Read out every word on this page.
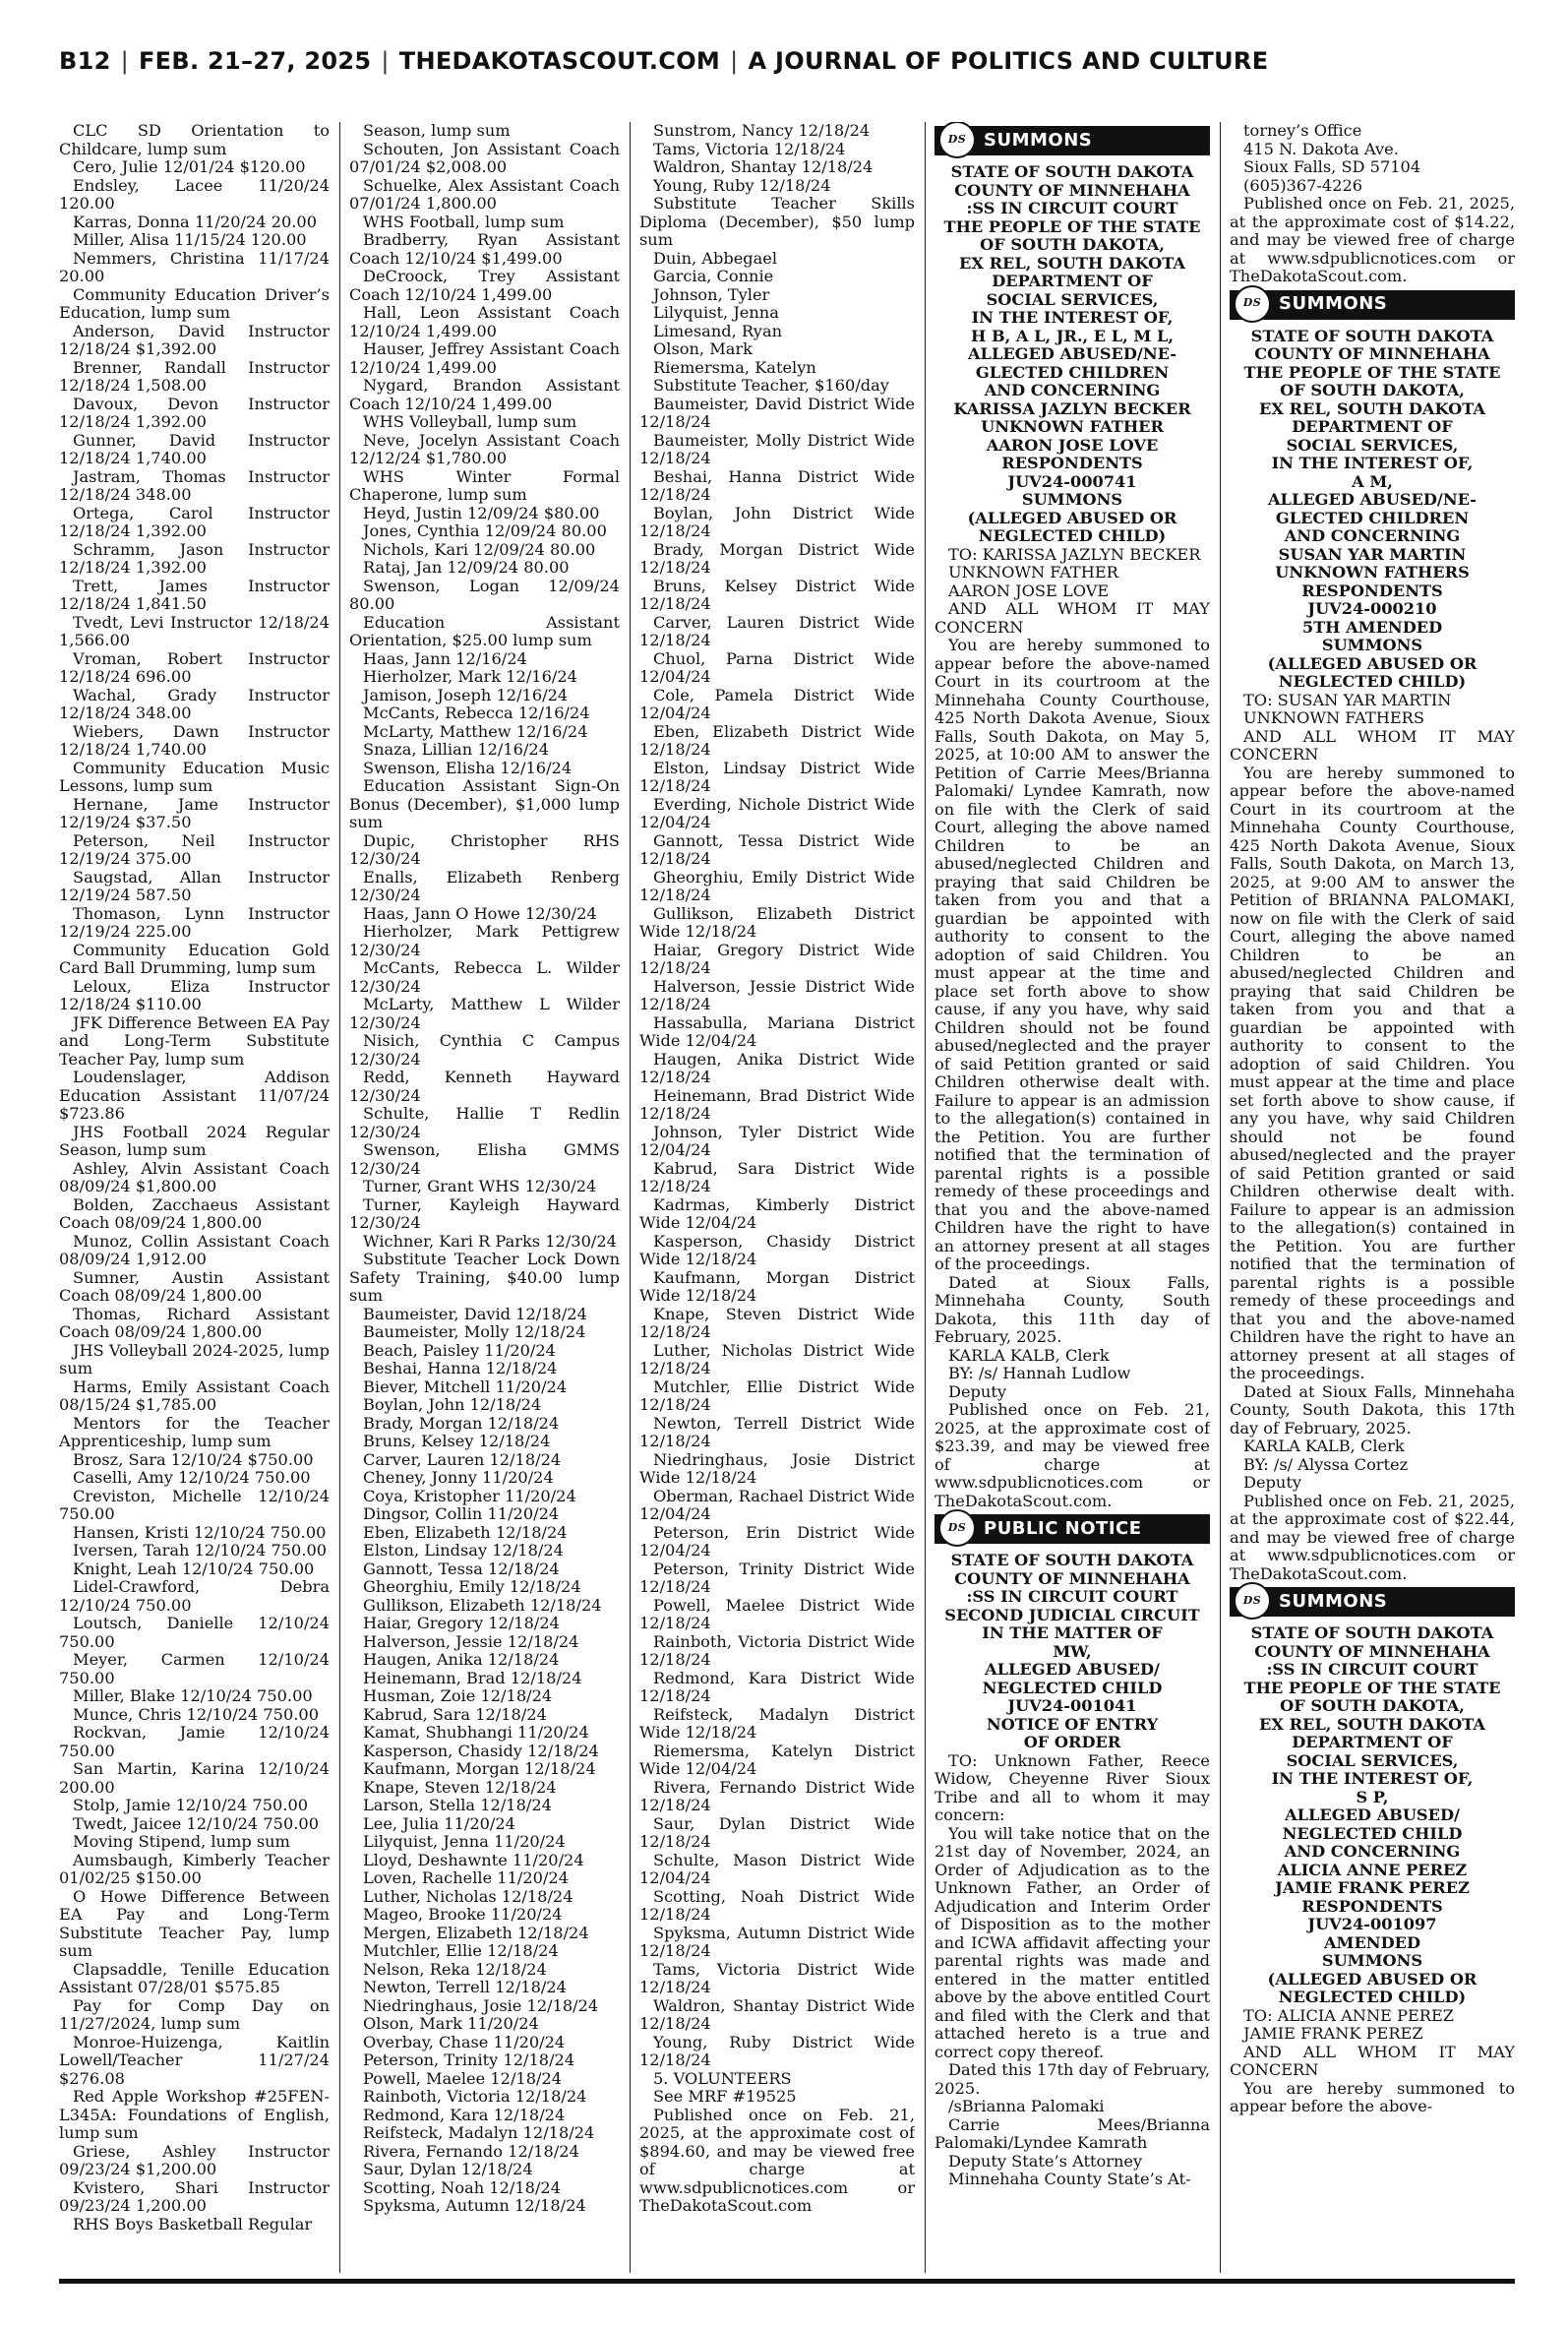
B12 | FEB. 21–27, 2025 | THEDAKOTASCOUT.COM | A JOURNAL OF POLITICS AND CULTURE

CLC SD Orientation to Childcare, lump sum

Cero, Julie 12/01/24 $120.00

Endsley, Lacee 11/20/24 120.00

Karras, Donna 11/20/24 20.00

Miller, Alisa 11/15/24 120.00

Nemmers, Christina 11/17/24 20.00

Community Education Driver’s Education, lump sum

Anderson, David Instructor 12/18/24 $1,392.00

Brenner, Randall Instructor 12/18/24 1,508.00

Davoux, Devon Instructor 12/18/24 1,392.00

Gunner, David Instructor 12/18/24 1,740.00

Jastram, Thomas Instructor 12/18/24 348.00

Ortega, Carol Instructor 12/18/24 1,392.00

Schramm, Jason Instructor 12/18/24 1,392.00

Trett, James Instructor 12/18/24 1,841.50

Tvedt, Levi Instructor 12/18/24 1,566.00

Vroman, Robert Instructor 12/18/24 696.00

Wachal, Grady Instructor 12/18/24 348.00

Wiebers, Dawn Instructor 12/18/24 1,740.00

Community Education Music Lessons, lump sum

Hernane, Jame Instructor 12/19/24 $37.50

Peterson, Neil Instructor 12/19/24 375.00

Saugstad, Allan Instructor 12/19/24 587.50

Thomason, Lynn Instructor 12/19/24 225.00

Community Education Gold Card Ball Drumming, lump sum

Leloux, Eliza Instructor 12/18/24 $110.00

JFK Difference Between EA Pay and Long-Term Substitute Teacher Pay, lump sum

Loudenslager, Addison Education Assistant 11/07/24 $723.86

JHS Football 2024 Regular Season, lump sum

Ashley, Alvin Assistant Coach 08/09/24 $1,800.00

Bolden, Zacchaeus Assistant Coach 08/09/24 1,800.00

Munoz, Collin Assistant Coach 08/09/24 1,912.00

Sumner, Austin Assistant Coach 08/09/24 1,800.00

Thomas, Richard Assistant Coach 08/09/24 1,800.00

JHS Volleyball 2024-2025, lump sum

Harms, Emily Assistant Coach 08/15/24 $1,785.00

Mentors for the Teacher Apprenticeship, lump sum

Brosz, Sara 12/10/24 $750.00

Caselli, Amy 12/10/24 750.00

Creviston, Michelle 12/10/24 750.00

Hansen, Kristi 12/10/24 750.00

Iversen, Tarah 12/10/24 750.00

Knight, Leah 12/10/24 750.00

Lidel-Crawford, Debra 12/10/24 750.00

Loutsch, Danielle 12/10/24 750.00

Meyer, Carmen 12/10/24 750.00

Miller, Blake 12/10/24 750.00

Munce, Chris 12/10/24 750.00

Rockvan, Jamie 12/10/24 750.00

San Martin, Karina 12/10/24 200.00

Stolp, Jamie 12/10/24 750.00

Twedt, Jaicee 12/10/24 750.00

Moving Stipend, lump sum

Aumsbaugh, Kimberly Teacher 01/02/25 $150.00

O Howe Difference Between EA Pay and Long-Term Substitute Teacher Pay, lump sum

Clapsaddle, Tenille Education Assistant 07/28/01 $575.85

Pay for Comp Day on 11/27/2024, lump sum

Monroe-Huizenga, Kaitlin Lowell/Teacher 11/27/24 $276.08

Red Apple Workshop #25FEN-L345A: Foundations of English, lump sum

Griese, Ashley Instructor 09/23/24 $1,200.00

Kvistero, Shari Instructor 09/23/24 1,200.00

RHS Boys Basketball Regular

Season, lump sum

Schouten, Jon Assistant Coach 07/01/24 $2,008.00

Schuelke, Alex Assistant Coach 07/01/24 1,800.00

WHS Football, lump sum

Bradberry, Ryan Assistant Coach 12/10/24 $1,499.00

DeCroock, Trey Assistant Coach 12/10/24 1,499.00

Hall, Leon Assistant Coach 12/10/24 1,499.00

Hauser, Jeffrey Assistant Coach 12/10/24 1,499.00

Nygard, Brandon Assistant Coach 12/10/24 1,499.00

WHS Volleyball, lump sum

Neve, Jocelyn Assistant Coach 12/12/24 $1,780.00

WHS Winter Formal Chaperone, lump sum

Heyd, Justin 12/09/24 $80.00

Jones, Cynthia 12/09/24 80.00

Nichols, Kari 12/09/24 80.00

Rataj, Jan 12/09/24 80.00

Swenson, Logan 12/09/24 80.00

Education Assistant Orientation, $25.00 lump sum

Haas, Jann 12/16/24

Hierholzer, Mark 12/16/24

Jamison, Joseph 12/16/24

McCants, Rebecca 12/16/24

McLarty, Matthew 12/16/24

Snaza, Lillian 12/16/24

Swenson, Elisha 12/16/24

Education Assistant Sign-On Bonus (December), $1,000 lump sum

Dupic, Christopher RHS 12/30/24

Enalls, Elizabeth Renberg 12/30/24

Haas, Jann O Howe 12/30/24

Hierholzer, Mark Pettigrew 12/30/24

McCants, Rebecca L. Wilder 12/30/24

McLarty, Matthew L Wilder 12/30/24

Nisich, Cynthia C Campus 12/30/24

Redd, Kenneth Hayward 12/30/24

Schulte, Hallie T Redlin 12/30/24

Swenson, Elisha GMMS 12/30/24

Turner, Grant WHS 12/30/24

Turner, Kayleigh Hayward 12/30/24

Wichner, Kari R Parks 12/30/24

Substitute Teacher Lock Down Safety Training, $40.00 lump sum

Baumeister, David 12/18/24

Baumeister, Molly 12/18/24

Beach, Paisley 11/20/24

Beshai, Hanna 12/18/24

Biever, Mitchell 11/20/24

Boylan, John 12/18/24

Brady, Morgan 12/18/24

Bruns, Kelsey 12/18/24

Carver, Lauren 12/18/24

Cheney, Jonny 11/20/24

Coya, Kristopher 11/20/24

Dingsor, Collin 11/20/24

Eben, Elizabeth 12/18/24

Elston, Lindsay 12/18/24

Gannott, Tessa 12/18/24

Gheorghiu, Emily 12/18/24

Gullikson, Elizabeth 12/18/24

Haiar, Gregory 12/18/24

Halverson, Jessie 12/18/24

Haugen, Anika 12/18/24

Heinemann, Brad 12/18/24

Husman, Zoie 12/18/24

Kabrud, Sara 12/18/24

Kamat, Shubhangi 11/20/24

Kasperson, Chasidy 12/18/24

Kaufmann, Morgan 12/18/24

Knape, Steven 12/18/24

Larson, Stella 12/18/24

Lee, Julia 11/20/24

Lilyquist, Jenna 11/20/24

Lloyd, Deshawnte 11/20/24

Loven, Rachelle 11/20/24

Luther, Nicholas 12/18/24

Mageo, Brooke 11/20/24

Mergen, Elizabeth 12/18/24

Mutchler, Ellie 12/18/24

Nelson, Reka 12/18/24

Newton, Terrell 12/18/24

Niedringhaus, Josie 12/18/24

Olson, Mark 11/20/24

Overbay, Chase 11/20/24

Peterson, Trinity 12/18/24

Powell, Maelee 12/18/24

Rainboth, Victoria 12/18/24

Redmond, Kara 12/18/24

Reifsteck, Madalyn 12/18/24

Rivera, Fernando 12/18/24

Saur, Dylan 12/18/24

Scotting, Noah 12/18/24

Spyksma, Autumn 12/18/24

Sunstrom, Nancy 12/18/24

Tams, Victoria 12/18/24

Waldron, Shantay 12/18/24

Young, Ruby 12/18/24

Substitute Teacher Skills Diploma (December), $50 lump sum

Duin, Abbegael

Garcia, Connie

Johnson, Tyler

Lilyquist, Jenna

Limesand, Ryan

Olson, Mark

Riemersma, Katelyn

Substitute Teacher, $160/day

Baumeister, David District Wide 12/18/24

Baumeister, Molly District Wide 12/18/24

Beshai, Hanna District Wide 12/18/24

Boylan, John District Wide 12/18/24

Brady, Morgan District Wide 12/18/24

Bruns, Kelsey District Wide 12/18/24

Carver, Lauren District Wide 12/18/24

Chuol, Parna District Wide 12/04/24

Cole, Pamela District Wide 12/04/24

Eben, Elizabeth District Wide 12/18/24

Elston, Lindsay District Wide 12/18/24

Everding, Nichole District Wide 12/04/24

Gannott, Tessa District Wide 12/18/24

Gheorghiu, Emily District Wide 12/18/24

Gullikson, Elizabeth District Wide 12/18/24

Haiar, Gregory District Wide 12/18/24

Halverson, Jessie District Wide 12/18/24

Hassabulla, Mariana District Wide 12/04/24

Haugen, Anika District Wide 12/18/24

Heinemann, Brad District Wide 12/18/24

Johnson, Tyler District Wide 12/04/24

Kabrud, Sara District Wide 12/18/24

Kadrmas, Kimberly District Wide 12/04/24

Kasperson, Chasidy District Wide 12/18/24

Kaufmann, Morgan District Wide 12/18/24

Knape, Steven District Wide 12/18/24

Luther, Nicholas District Wide 12/18/24

Mutchler, Ellie District Wide 12/18/24

Newton, Terrell District Wide 12/18/24

Niedringhaus, Josie District Wide 12/18/24

Oberman, Rachael District Wide 12/04/24

Peterson, Erin District Wide 12/04/24

Peterson, Trinity District Wide 12/18/24

Powell, Maelee District Wide 12/18/24

Rainboth, Victoria District Wide 12/18/24

Redmond, Kara District Wide 12/18/24

Reifsteck, Madalyn District Wide 12/18/24

Riemersma, Katelyn District Wide 12/04/24

Rivera, Fernando District Wide 12/18/24

Saur, Dylan District Wide 12/18/24

Schulte, Mason District Wide 12/04/24

Scotting, Noah District Wide 12/18/24

Spyksma, Autumn District Wide 12/18/24

Tams, Victoria District Wide 12/18/24

Waldron, Shantay District Wide 12/18/24

Young, Ruby District Wide 12/18/24

5. VOLUNTEERS

See MRF #19525

Published once on Feb. 21, 2025, at the approximate cost of $894.60, and may be viewed free of charge at www.sdpublicnotices.com or TheDakotaScout.com

DS SUMMONS

STATE OF SOUTH DAKOTA

COUNTY OF MINNEHAHA

:SS IN CIRCUIT COURT

THE PEOPLE OF THE STATE

OF SOUTH DAKOTA,

EX REL, SOUTH DAKOTA

DEPARTMENT OF

SOCIAL SERVICES,

IN THE INTEREST OF,

H B, A L, JR., E L, M L,

ALLEGED ABUSED/NE-

GLECTED CHILDREN

AND CONCERNING

KARISSA JAZLYN BECKER

UNKNOWN FATHER

AARON JOSE LOVE

RESPONDENTS

JUV24-000741

SUMMONS

(ALLEGED ABUSED OR

NEGLECTED CHILD)

TO: KARISSA JAZLYN BECKER

UNKNOWN FATHER

AARON JOSE LOVE

AND ALL WHOM IT MAY CONCERN

You are hereby summoned to appear before the above-named Court in its courtroom at the Minnehaha County Courthouse, 425 North Dakota Avenue, Sioux Falls, South Dakota, on May 5, 2025, at 10:00 AM to answer the Petition of Carrie Mees/Brianna Palomaki/ Lyndee Kamrath, now on file with the Clerk of said Court, alleging the above named Children to be an abused/neglected Children and praying that said Children be taken from you and that a guardian be appointed with authority to consent to the adoption of said Children. You must appear at the time and place set forth above to show cause, if any you have, why said Children should not be found abused/neglected and the prayer of said Petition granted or said Children otherwise dealt with. Failure to appear is an admission to the allegation(s) contained in the Petition. You are further notified that the termination of parental rights is a possible remedy of these proceedings and that you and the above-named Children have the right to have an attorney present at all stages of the proceedings.

Dated at Sioux Falls, Minnehaha County, South Dakota, this 11th day of February, 2025.

KARLA KALB, Clerk

BY: /s/ Hannah Ludlow

Deputy

Published once on Feb. 21, 2025, at the approximate cost of $23.39, and may be viewed free of charge at www.sdpublicnotices.com or TheDakotaScout.com.

DS PUBLIC NOTICE

STATE OF SOUTH DAKOTA

COUNTY OF MINNEHAHA

:SS IN CIRCUIT COURT

SECOND JUDICIAL CIRCUIT

IN THE MATTER OF

MW,

ALLEGED ABUSED/

NEGLECTED CHILD

JUV24-001041

NOTICE OF ENTRY

OF ORDER

TO: Unknown Father, Reece Widow, Cheyenne River Sioux Tribe and all to whom it may concern:

You will take notice that on the 21st day of November, 2024, an Order of Adjudication as to the Unknown Father, an Order of Adjudication and Interim Order of Disposition as to the mother and ICWA affidavit affecting your parental rights was made and entered in the matter entitled above by the above entitled Court and filed with the Clerk and that attached hereto is a true and correct copy thereof.

Dated this 17th day of February, 2025.

/sBrianna Palomaki

Carrie Mees/Brianna Palomaki/Lyndee Kamrath

Deputy State’s Attorney

Minnehaha County State’s At-

torney’s Office

415 N. Dakota Ave.

Sioux Falls, SD 57104

(605)367-4226

Published once on Feb. 21, 2025, at the approximate cost of $14.22, and may be viewed free of charge at www.sdpublicnotices.com or TheDakotaScout.com.

DS SUMMONS

STATE OF SOUTH DAKOTA

COUNTY OF MINNEHAHA

THE PEOPLE OF THE STATE

OF SOUTH DAKOTA,

EX REL, SOUTH DAKOTA

DEPARTMENT OF

SOCIAL SERVICES,

IN THE INTEREST OF,

A M,

ALLEGED ABUSED/NE-

GLECTED CHILDREN

AND CONCERNING

SUSAN YAR MARTIN

UNKNOWN FATHERS

RESPONDENTS

JUV24-000210

5TH AMENDED

SUMMONS

(ALLEGED ABUSED OR

NEGLECTED CHILD)

TO: SUSAN YAR MARTIN

UNKNOWN FATHERS

AND ALL WHOM IT MAY CONCERN

You are hereby summoned to appear before the above-named Court in its courtroom at the Minnehaha County Courthouse, 425 North Dakota Avenue, Sioux Falls, South Dakota, on March 13, 2025, at 9:00 AM to answer the Petition of BRIANNA PALOMAKI, now on file with the Clerk of said Court, alleging the above named Children to be an abused/neglected Children and praying that said Children be taken from you and that a guardian be appointed with authority to consent to the adoption of said Children. You must appear at the time and place set forth above to show cause, if any you have, why said Children should not be found abused/neglected and the prayer of said Petition granted or said Children otherwise dealt with. Failure to appear is an admission to the allegation(s) contained in the Petition. You are further notified that the termination of parental rights is a possible remedy of these proceedings and that you and the above-named Children have the right to have an attorney present at all stages of the proceedings.

Dated at Sioux Falls, Minnehaha County, South Dakota, this 17th day of February, 2025.

KARLA KALB, Clerk

BY: /s/ Alyssa Cortez

Deputy

Published once on Feb. 21, 2025, at the approximate cost of $22.44, and may be viewed free of charge at www.sdpublicnotices.com or TheDakotaScout.com.

DS SUMMONS

STATE OF SOUTH DAKOTA

COUNTY OF MINNEHAHA

:SS IN CIRCUIT COURT

THE PEOPLE OF THE STATE

OF SOUTH DAKOTA,

EX REL, SOUTH DAKOTA

DEPARTMENT OF

SOCIAL SERVICES,

IN THE INTEREST OF,

S P,

ALLEGED ABUSED/

NEGLECTED CHILD

AND CONCERNING

ALICIA ANNE PEREZ

JAMIE FRANK PEREZ

RESPONDENTS

JUV24-001097

AMENDED

SUMMONS

(ALLEGED ABUSED OR

NEGLECTED CHILD)

TO: ALICIA ANNE PEREZ

JAMIE FRANK PEREZ

AND ALL WHOM IT MAY CONCERN

You are hereby summoned to appear before the above-
